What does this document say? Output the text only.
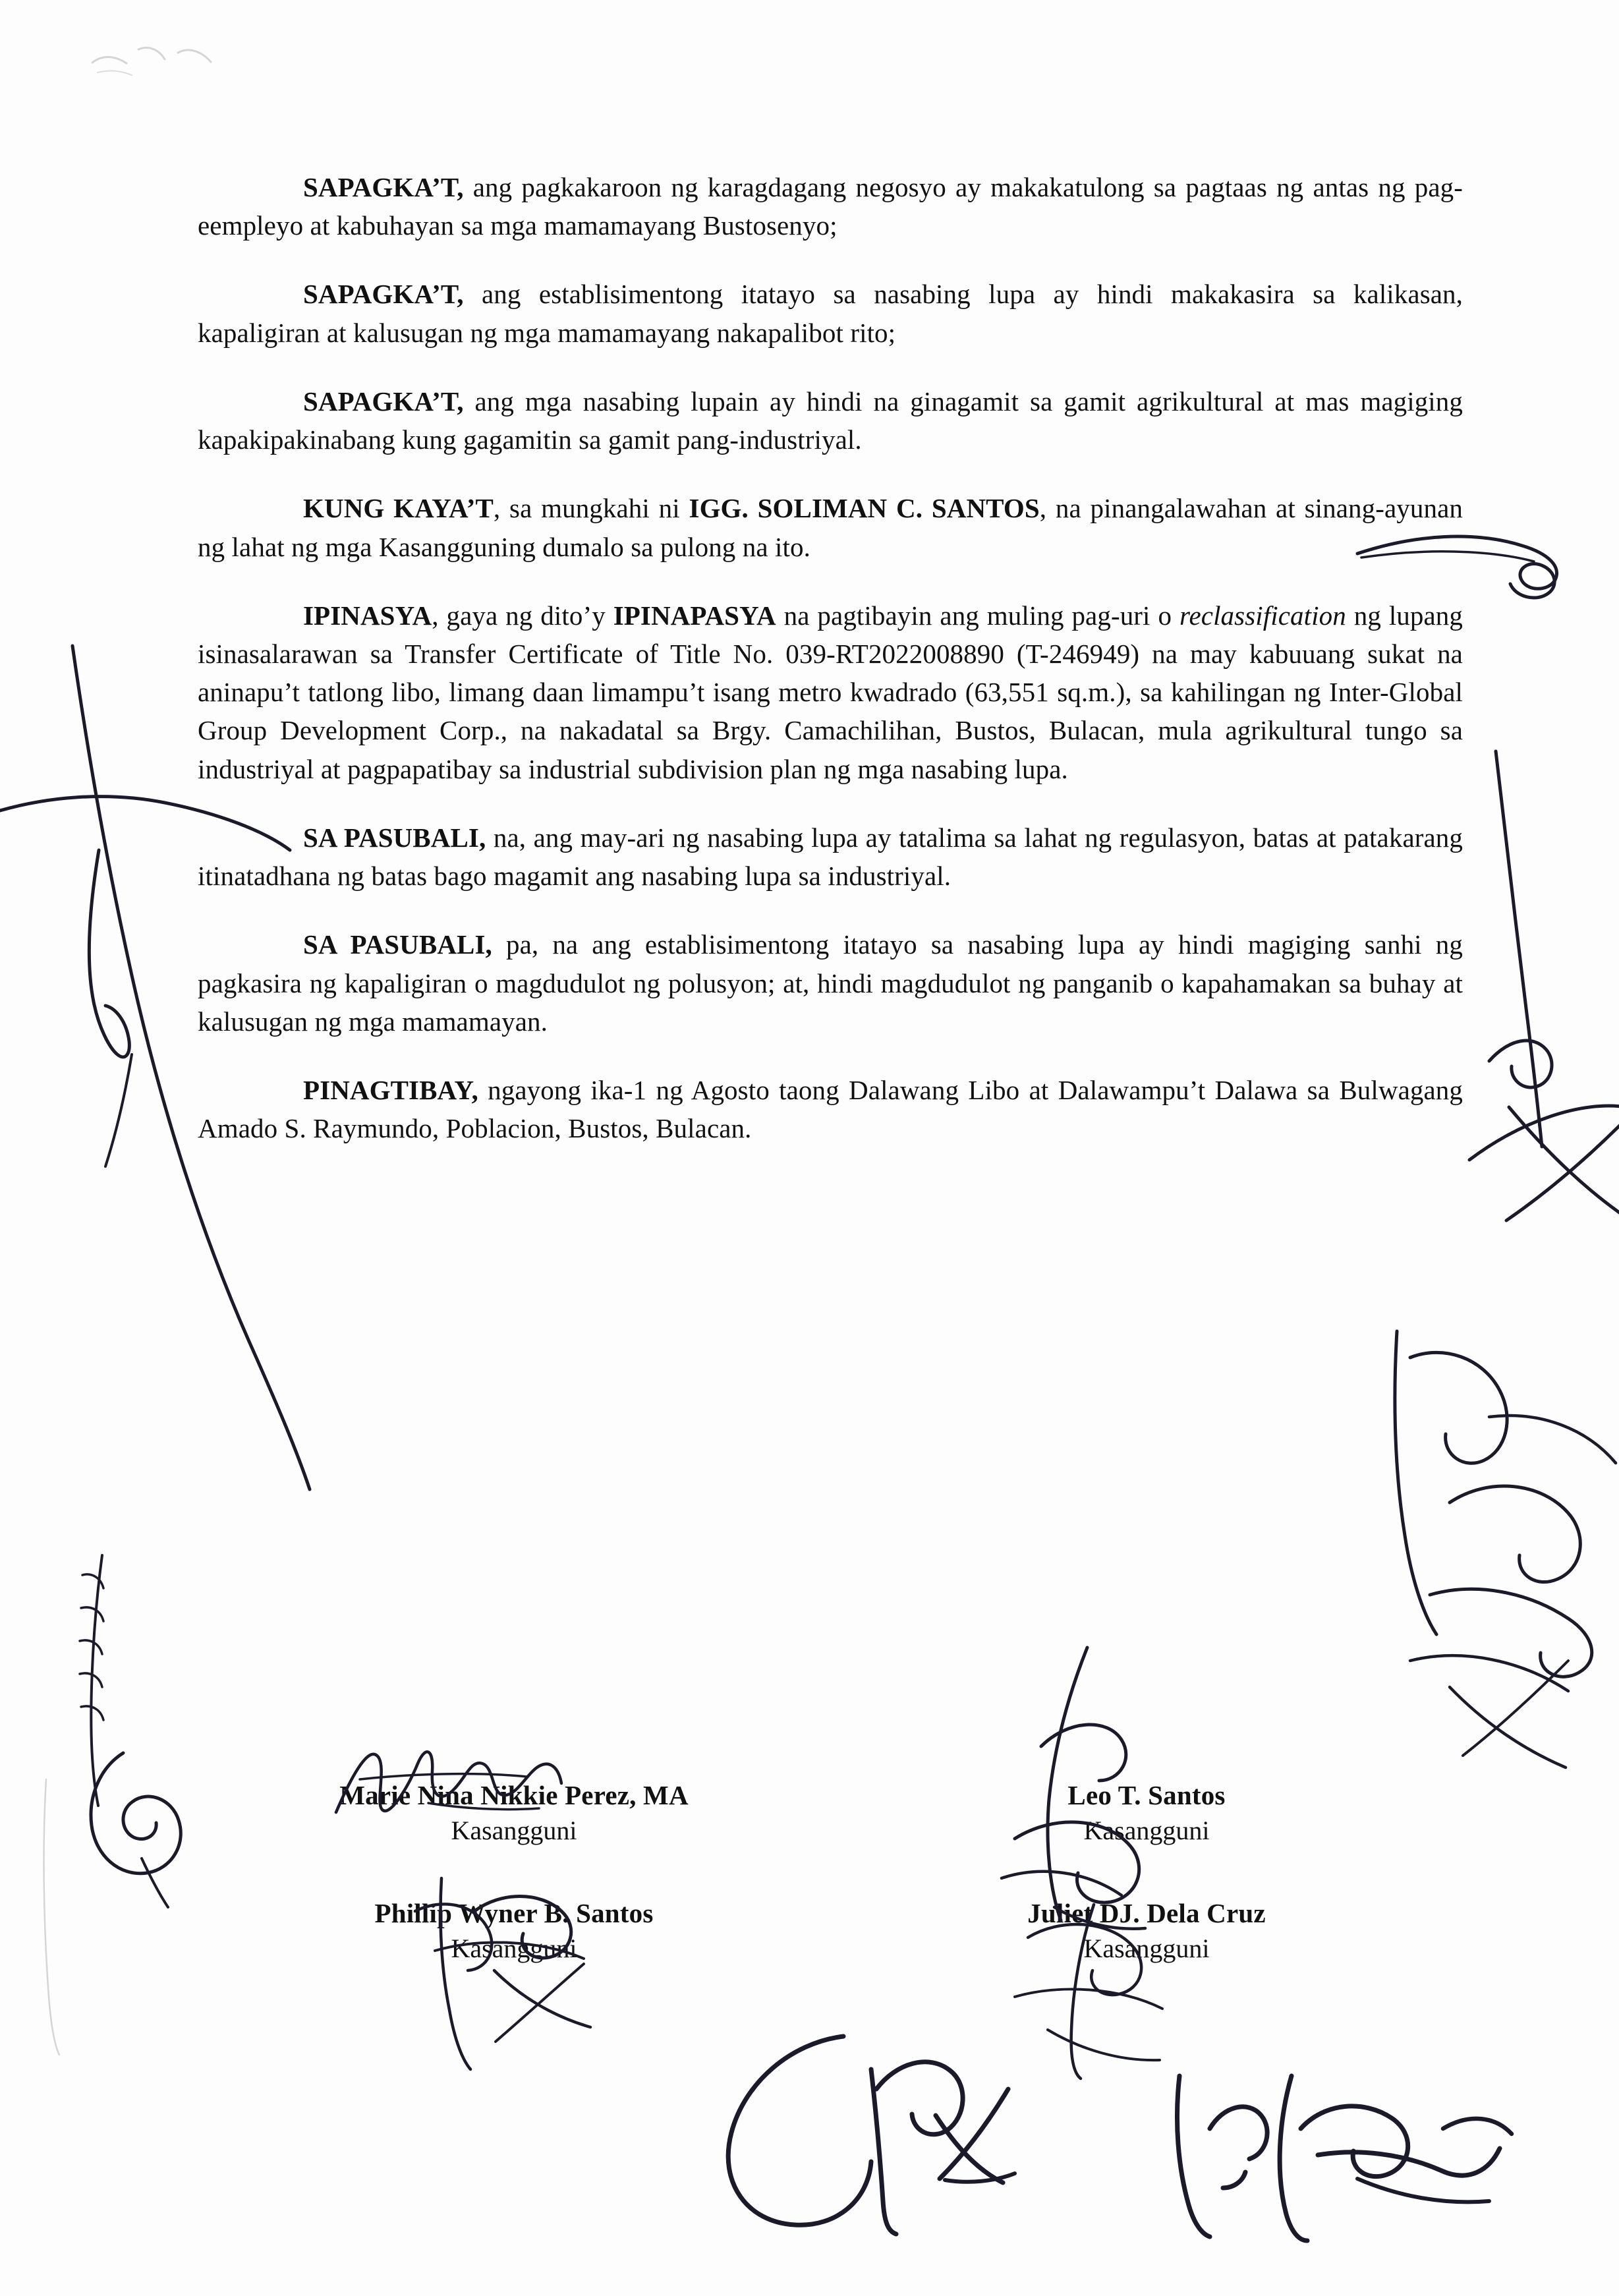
SAPAGKA’T, ang pagkakaroon ng karagdagang negosyo ay makakatulong sa pagtaas ng antas ng pag-eempleyo at kabuhayan sa mga mamamayang Bustosenyo;

SAPAGKA’T, ang establisimentong itatayo sa nasabing lupa ay hindi makakasira sa kalikasan, kapaligiran at kalusugan ng mga mamamayang nakapalibot rito;

SAPAGKA’T, ang mga nasabing lupain ay hindi na ginagamit sa gamit agrikultural at mas magiging kapakipakinabang kung gagamitin sa gamit pang-industriyal.

KUNG KAYA’T, sa mungkahi ni IGG. SOLIMAN C. SANTOS, na pinangalawahan at sinang-ayunan ng lahat ng mga Kasangguning dumalo sa pulong na ito.

IPINASYA, gaya ng dito’y IPINAPASYA na pagtibayin ang muling pag-uri o reclassification ng lupang isinasalarawan sa Transfer Certificate of Title No. 039-RT2022008890 (T-246949) na may kabuuang sukat na aninapu’t tatlong libo, limang daan limampu’t isang metro kwadrado (63,551 sq.m.), sa kahilingan ng Inter-Global Group Development Corp., na nakadatal sa Brgy. Camachilihan, Bustos, Bulacan, mula agrikultural tungo sa industriyal at pagpapatibay sa industrial subdivision plan ng mga nasabing lupa.

SA PASUBALI, na, ang may-ari ng nasabing lupa ay tatalima sa lahat ng regulasyon, batas at patakarang itinatadhana ng batas bago magamit ang nasabing lupa sa industriyal.

SA PASUBALI, pa, na ang establisimentong itatayo sa nasabing lupa ay hindi magiging sanhi ng pagkasira ng kapaligiran o magdudulot ng polusyon; at, hindi magdudulot ng panganib o kapahamakan sa buhay at kalusugan ng mga mamamayan.

PINAGTIBAY, ngayong ika-1 ng Agosto taong Dalawang Libo at Dalawampu’t Dalawa sa Bulwagang Amado S. Raymundo, Poblacion, Bustos, Bulacan.

Marie Nina Nikkie Perez, MA
Kasangguni
Leo T. Santos
Kasangguni
Phillip Wyner B. Santos
Kasangguni
Juliet DJ. Dela Cruz
Kasangguni
